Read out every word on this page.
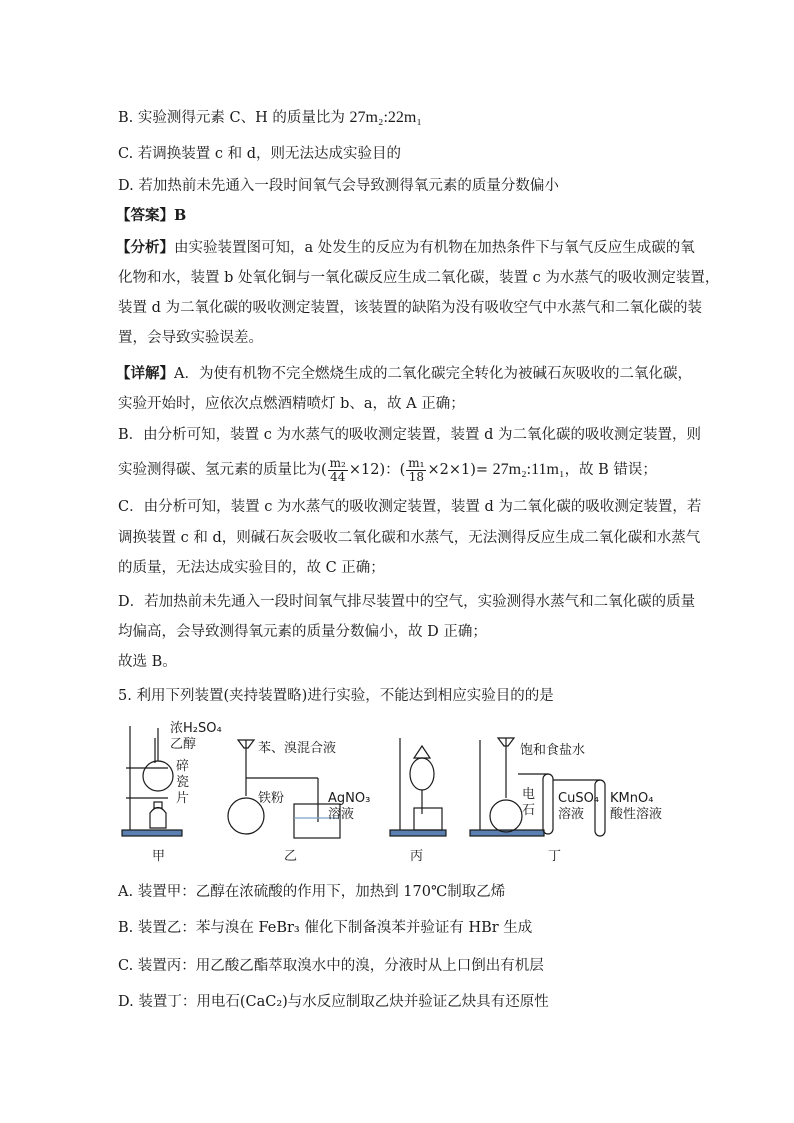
B. 实验测得元素 C、H 的质量比为 27m₂:22m₁
C. 若调换装置 c 和 d，则无法达成实验目的
D. 若加热前未先通入一段时间氧气会导致测得氧元素的质量分数偏小
【答案】B
【分析】由实验装置图可知，a 处发生的反应为有机物在加热条件下与氧气反应生成碳的氧
化物和水，装置 b 处氧化铜与一氧化碳反应生成二氧化碳，装置 c 为水蒸气的吸收测定装置，
装置 d 为二氧化碳的吸收测定装置，该装置的缺陷为没有吸收空气中水蒸气和二氧化碳的装
置，会导致实验误差。
【详解】A．为使有机物不完全燃烧生成的二氧化碳完全转化为被碱石灰吸收的二氧化碳，
实验开始时，应依次点燃酒精喷灯 b、a，故 A 正确；
B．由分析可知，装置 c 为水蒸气的吸收测定装置，装置 d 为二氧化碳的吸收测定装置，则
实验测得碳、氢元素的质量比为( $\frac{\text{m₂}}{44} \times 12$)：( $\frac{\text{m₁}}{18} \times 2\times 1)=$ 27m₂:11m₁，故 B 错误；
C．由分析可知，装置 c 为水蒸气的吸收测定装置，装置 d 为二氧化碳的吸收测定装置，若
调换装置 c 和 d，则碱石灰会吸收二氧化碳和水蒸气，无法测得反应生成二氧化碳和水蒸气
的质量，无法达成实验目的，故 C 正确；
D．若加热前未先通入一段时间氧气排尽装置中的空气，实验测得水蒸气和二氧化碳的质量
均偏高，会导致测得氧元素的质量分数偏小，故 D 正确；
故选 B。
5. 利用下列装置(夹持装置略)进行实验，不能达到相应实验目的的是
浓H₂SO₄
乙醇
碎
瓷
片
甲
苯、溴混合液
铁粉	AgNO₃
溶液
乙	丙
饱和食盐水
电
石
CuSO₄
溶液
KMnO₄
酸性溶液
丁
A. 装置甲：乙醇在浓硫酸的作用下，加热到 170℃制取乙烯
B. 装置乙：苯与溴在 FeBr₃ 催化下制备溴苯并验证有 HBr 生成
C. 装置丙：用乙酸乙酯萃取溴水中的溴，分液时从上口倒出有机层
D. 装置丁：用电石(CaC₂)与水反应制取乙炔并验证乙炔具有还原性
